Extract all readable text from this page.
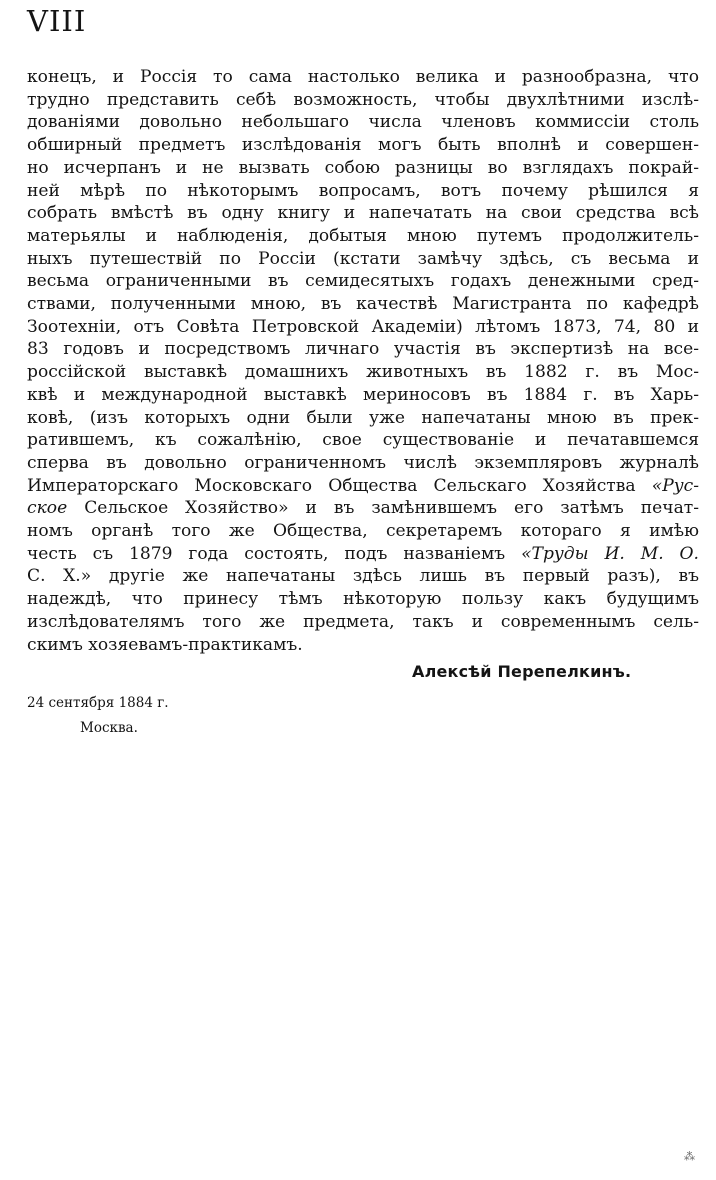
VIII
конецъ, и Россія то сама настолько велика и разнообразна, что
трудно представить себѣ возможность, чтобы двухлѣтними изслѣ-
дованіями довольно небольшаго числа членовъ коммиссіи столь
обширный предметъ изслѣдованія могъ быть вполнѣ и совершен-
но исчерпанъ и не вызвать собою разницы во взглядахъ покрай-
ней мѣрѣ по нѣкоторымъ вопросамъ, вотъ почему рѣшился я
собрать вмѣстѣ въ одну книгу и напечатать на свои средства всѣ
матерьялы и наблюденія, добытыя мною путемъ продолжитель-
ныхъ путешествій по Россіи (кстати замѣчу здѣсь, съ весьма и
весьма ограниченными въ семидесятыхъ годахъ денежными сред-
ствами, полученными мною, въ качествѣ Магистранта по кафедрѣ
Зоотехніи, отъ Совѣта Петровской Академіи) лѣтомъ 1873, 74, 80 и
83 годовъ и посредствомъ личнаго участія въ экспертизѣ на все-
россійской выставкѣ домашнихъ животныхъ въ 1882 г. въ Мос-
квѣ и международной выставкѣ мериносовъ въ 1884 г. въ Харь-
ковѣ, (изъ которыхъ одни были уже напечатаны мною въ прек-
ратившемъ, къ сожалѣнію, свое существованіе и печатавшемся
сперва въ довольно ограниченномъ числѣ экземпляровъ журналѣ
Императорскаго Московскаго Общества Сельскаго Хозяйства «Рус-
ское Сельское Хозяйство» и въ замѣнившемъ его затѣмъ печат-
номъ органѣ того же Общества, секретаремъ котораго я имѣю
честь съ 1879 года состоять, подъ названіемъ «Труды И. М. О.
С. Х.» другіе же напечатаны здѣсь лишь въ первый разъ), въ
надеждѣ, что принесу тѣмъ нѣкоторую пользу какъ будущимъ
изслѣдователямъ того же предмета, такъ и современнымъ сель-
скимъ хозяевамъ-практикамъ.
Алексѣй Перепелкинъ.
24 сентября 1884 г.
Москва.
⁂
